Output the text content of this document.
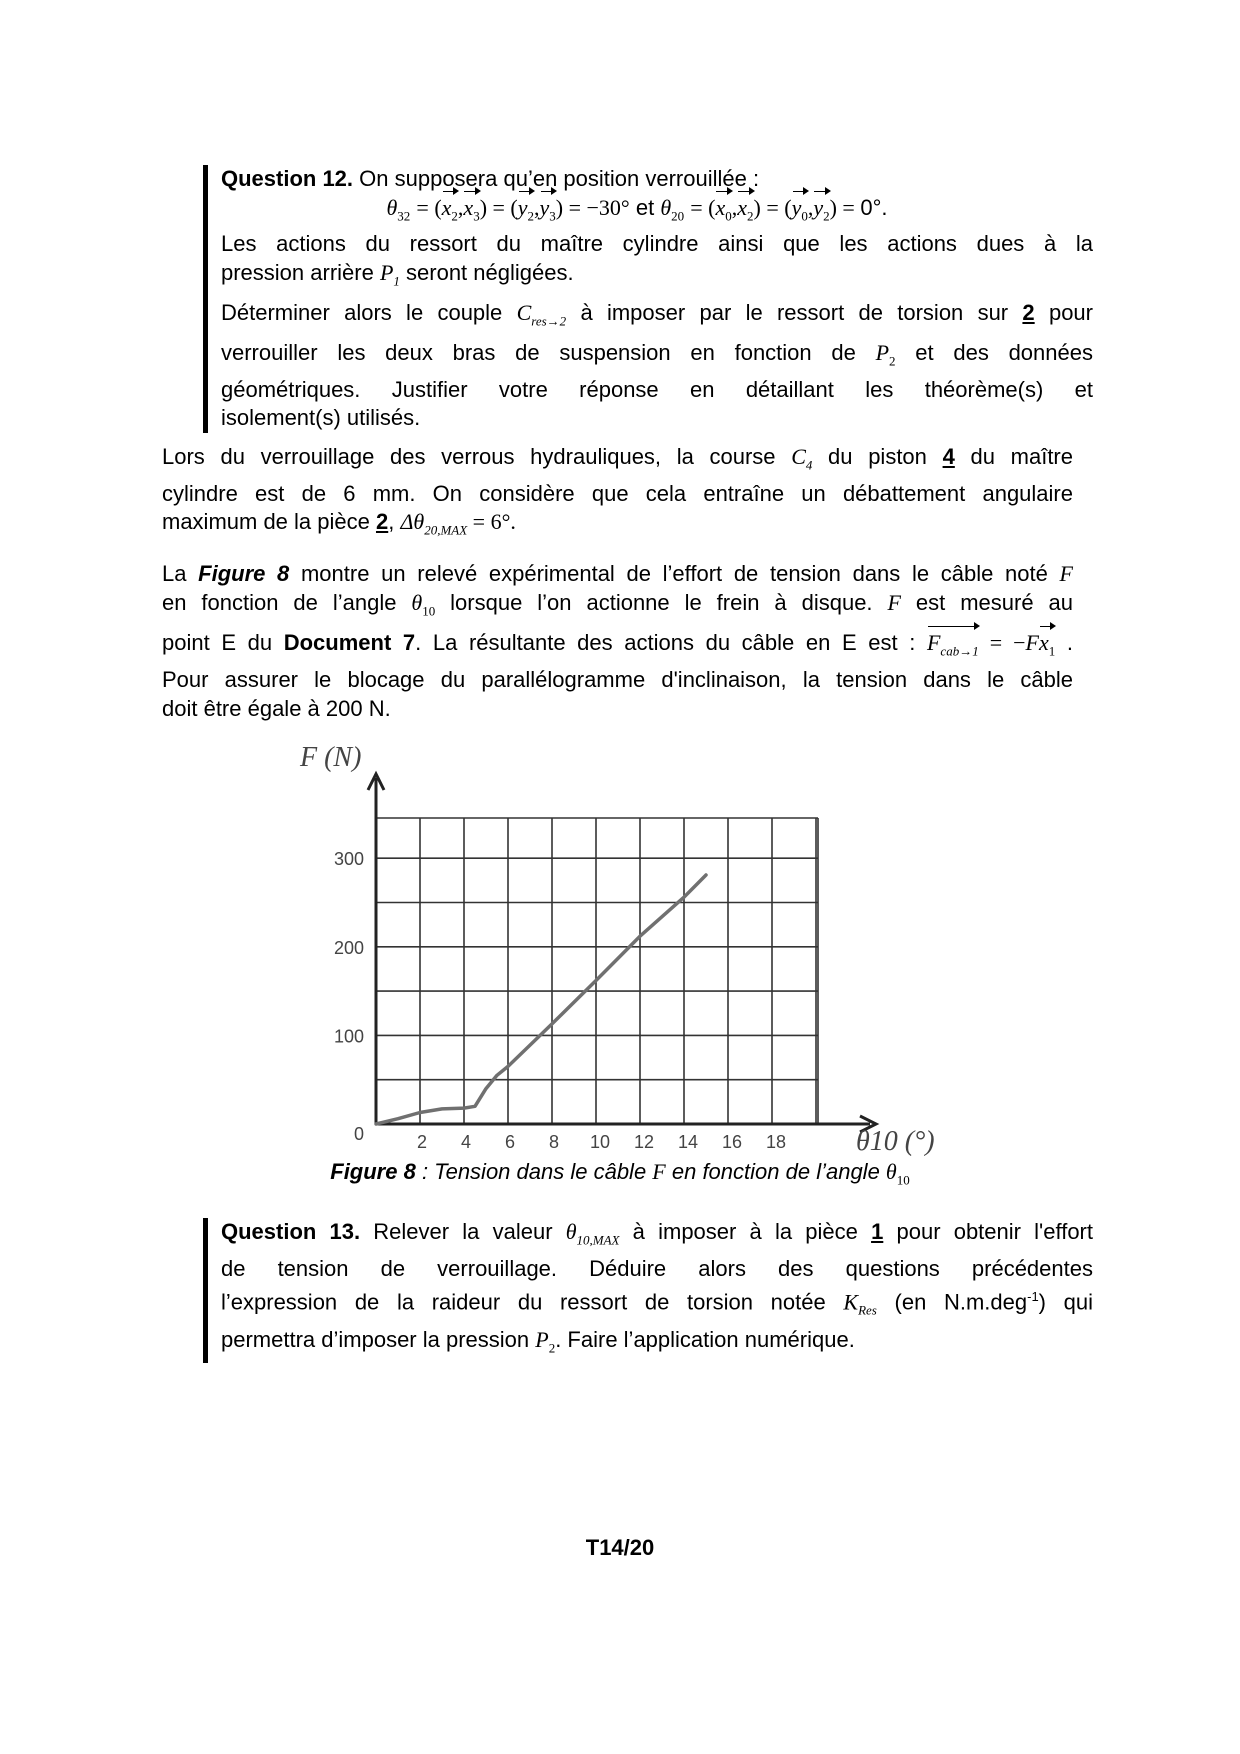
Question 12. On supposera qu’en position verrouillée :
$\theta_{32} = (x_2,x_3) = (y_2,y_3) = -30^\circ$ et $\theta_{20} = (x_0,x_2) = (y_0,y_2) = 0^\circ$.
Les actions du ressort du maître cylindre ainsi que les actions dues à la
pression arrière $P_1$ seront négligées.
Déterminer alors le couple $C_{res\to 2}$ à imposer par le ressort de torsion sur 2 pour
verrouiller les deux bras de suspension en fonction de $P_2$ et des données
géométriques. Justifier votre réponse en détaillant les théorème(s) et
isolement(s) utilisés.
Lors du verrouillage des verrous hydrauliques, la course $C_4$ du piston 4 du maître
cylindre est de 6 mm. On considère que cela entraîne un débattement angulaire
maximum de la pièce 2, $\Delta\theta_{20,MAX} = 6^\circ$.
La Figure 8 montre un relevé expérimental de l’effort de tension dans le câble noté F
en fonction de l’angle $\theta_{10}$ lorsque l’on actionne le frein à disque. F est mesuré au
point E du Document 7. La résultante des actions du câble en E est : $F_{cab\to 1} = -Fx_1$ .
Pour assurer le blocage du parallélogramme d'inclinaison, la tension dans le câble
doit être égale à 200 N.
0
100
200
300
2 4 6 8 10 12 14 16 18
F (N)
θ10 (°)
Figure 8 : Tension dans le câble F en fonction de l’angle $\theta_{10}$
Question 13. Relever la valeur $\theta_{10,MAX}$ à imposer à la pièce 1 pour obtenir l'effort
de tension de verrouillage. Déduire alors des questions précédentes
l’expression de la raideur du ressort de torsion notée $K_{Res}$ (en N.m.deg$^{-1}$) qui
permettra d’imposer la pression $P_2$. Faire l’application numérique.
T14/20
